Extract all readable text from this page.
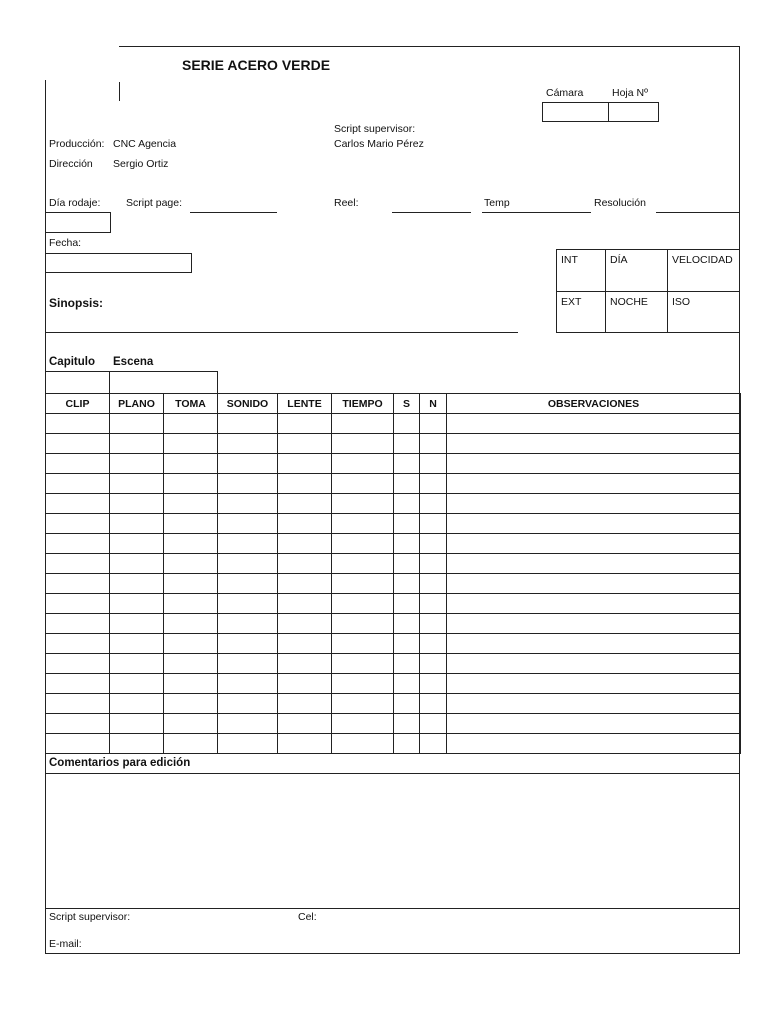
SERIE ACERO VERDE
Cámara	Hoja Nº
Producción: CNC Agencia
Dirección Sergio Ortiz
Script supervisor:
Carlos Mario Pérez
Día rodaje: Script page:	Reel:	Temp	Resolución
Fecha:
Sinopsis:
INT	DÍA	VELOCIDAD
EXT	NOCHE ISO
Capitulo Escena
CLIP	PLANO	TOMA	SONIDO	LENTE	TIEMPO	S	N	OBSERVACIONES
Comentarios para edición
Script supervisor:	Cel:
E-mail:
